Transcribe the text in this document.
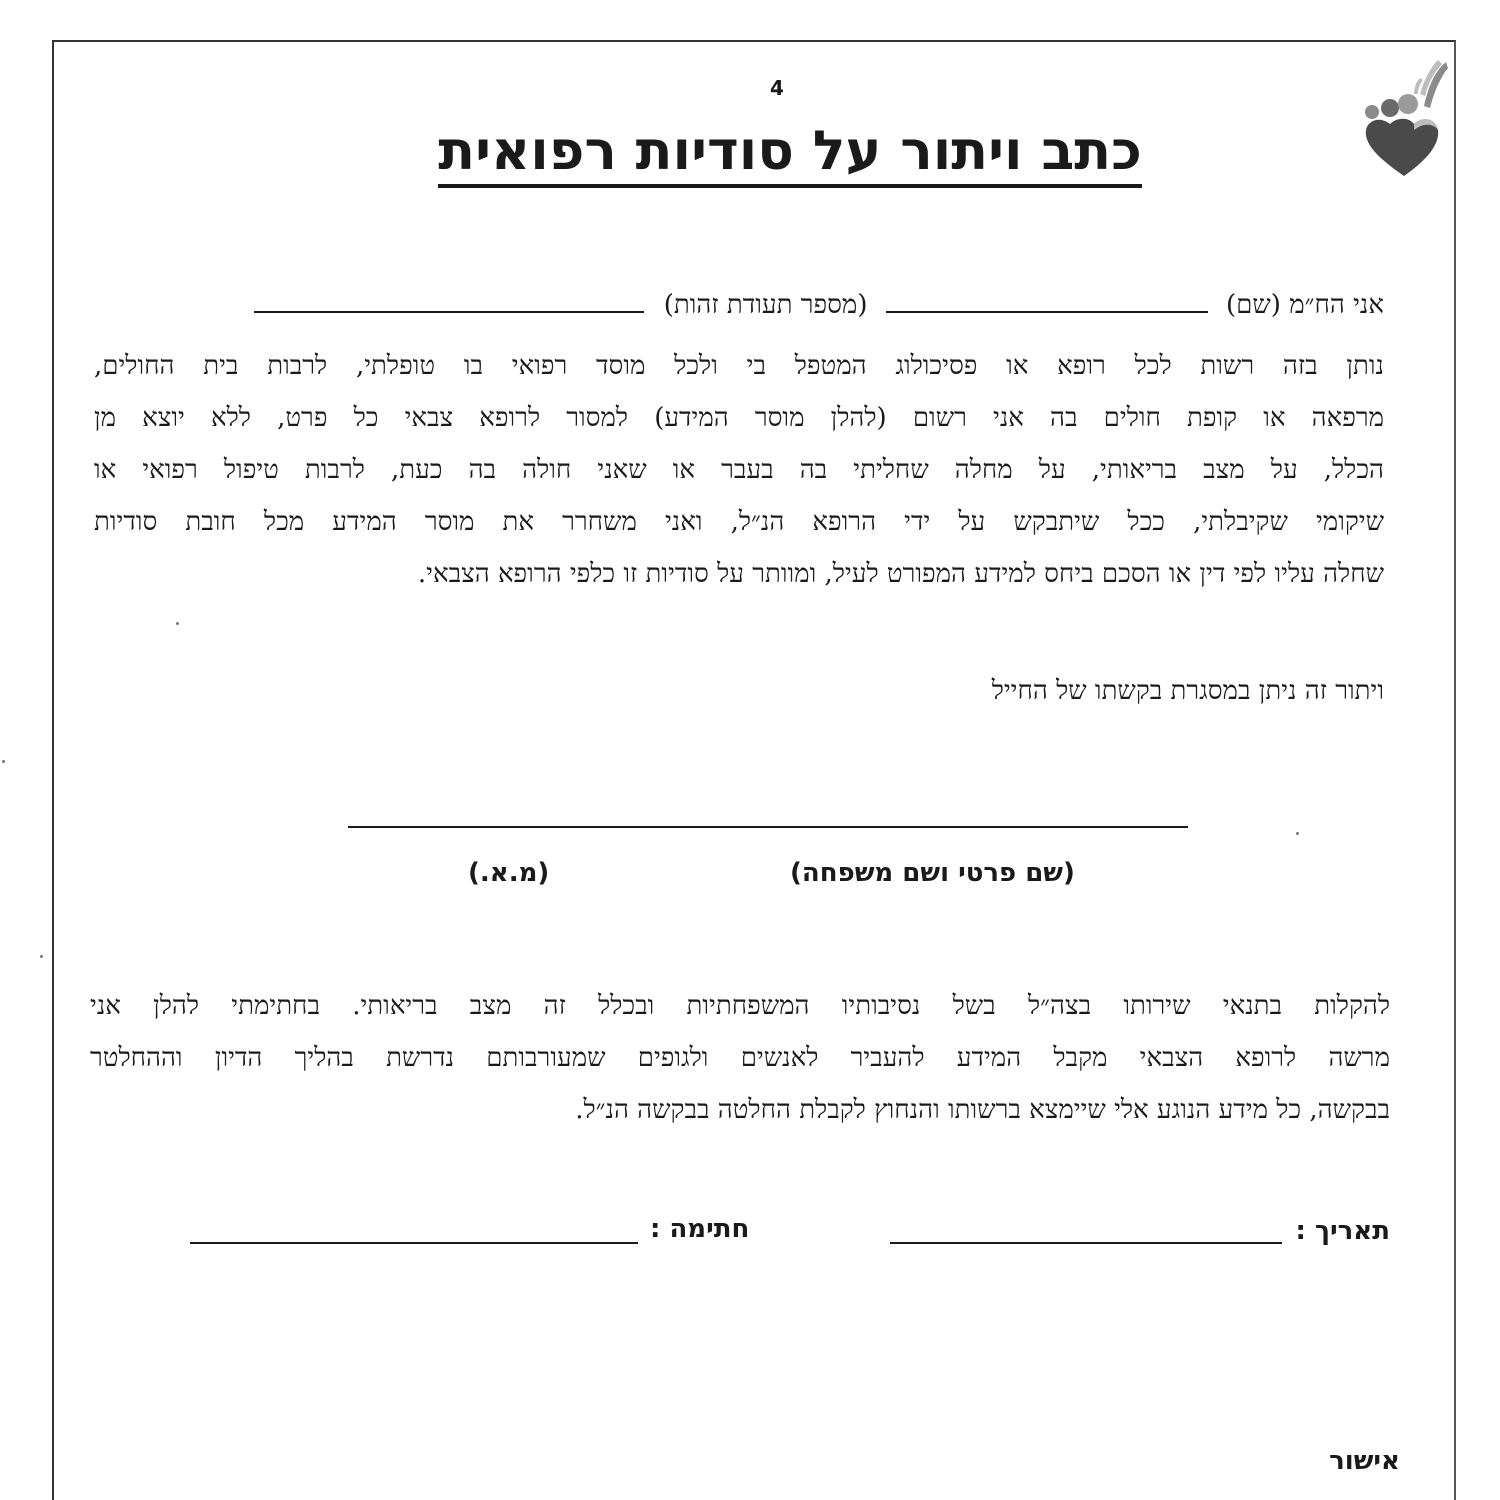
4
כתב ויתור על סודיות רפואית
אני הח״מ (שם)  (מספר תעודת זהות)
נותן בזה רשות לכל רופא או פסיכולוג המטפל בי ולכל מוסד רפואי בו טופלתי, לרבות בית החולים,
מרפאה או קופת חולים בה אני רשום (להלן מוסר המידע) למסור לרופא צבאי כל פרט, ללא יוצא מן
הכלל, על מצב בריאותי, על מחלה שחליתי בה בעבר או שאני חולה בה כעת, לרבות טיפול רפואי או
שיקומי שקיבלתי, ככל שיתבקש על ידי הרופא הנ״ל, ואני משחרר את מוסר המידע מכל חובת סודיות
שחלה עליו לפי דין או הסכם ביחס למידע המפורט לעיל, ומוותר על סודיות זו כלפי הרופא הצבאי.
ויתור זה ניתן במסגרת בקשתו של החייל
(שם פרטי ושם משפחה)
(מ.א.)
להקלות בתנאי שירותו בצה״ל בשל נסיבותיו המשפחתיות ובכלל זה מצב בריאותי. בחתימתי להלן אני
מרשה לרופא הצבאי מקבל המידע להעביר לאנשים ולגופים שמעורבותם נדרשת בהליך הדיון וההחלטר
בבקשה, כל מידע הנוגע אלי שיימצא ברשותו והנחוץ לקבלת החלטה בבקשה הנ״ל.
תאריך :
חתימה :
אישור
